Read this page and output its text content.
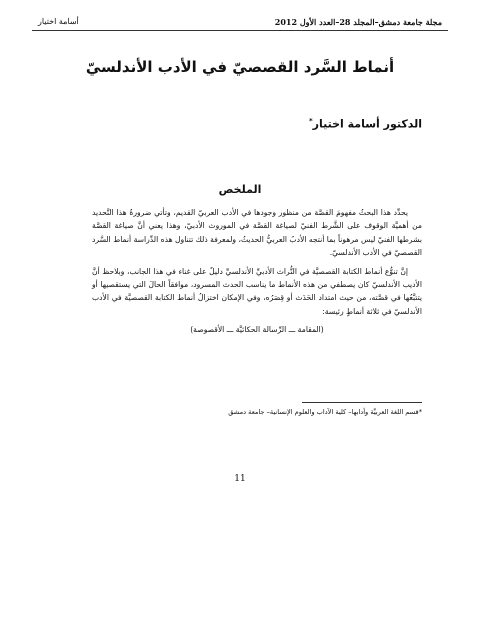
مجلة جامعة دمشق–المجلد 28–العدد الأول 2012
أسامة اختيار
أنماط السَّرد القصصيّ في الأدب الأندلسيّ
الدكتور أسامة اختيار*
الملخص

يحدِّد هذا البحثُ مفهومَ القصَّة من منظور وجودها في الأدب العربيّ القديم، وتأتي ضرورةُ هذا التَّحديد من أهميَّة الوقوف على الشَّرط الفنيّ لصياغة القصَّة في الموروث الأدبيّ، وهذا يعني أنَّ صياغة القصَّة بشرطها الفنيّ ليس مرهوناً بما أنتجه الأدبُ العربيُّ الحديثُ، ولمعرفة ذلك تتناول هذه الدِّراسة أنماط السَّرد القصصيّ في الأدب الأندلسيّ.

إنَّ تنوُّع أنماط الكتابة القصصيَّة في التُّراث الأدبيِّ الأندلسيِّ دليلٌ على غناء في هذا الجانب، وبلاحظ أنَّ الأديب الأندلسيّ كان يصطفي من هذه الأنماط ما يناسب الحدث المسرود، موافقاً الحالَ التي يستقصيها أو يتتبَّعُها في قصَّته، من حيث امتداد الحَدَث أو قِصَرُه، وفي الإمكان اختزالُ أنماط الكتابة القصصيَّة في الأدب الأندلسيّ في ثلاثة أنماطٍ رئيسة:

(المقامة ـــ الرِّسالة الحكائيَّة ـــ الأقصوصة)

*قسم اللغة العربيَّة وآدابها– كلية الآداب والعلوم الإنسانية– جامعة دمشق
11
